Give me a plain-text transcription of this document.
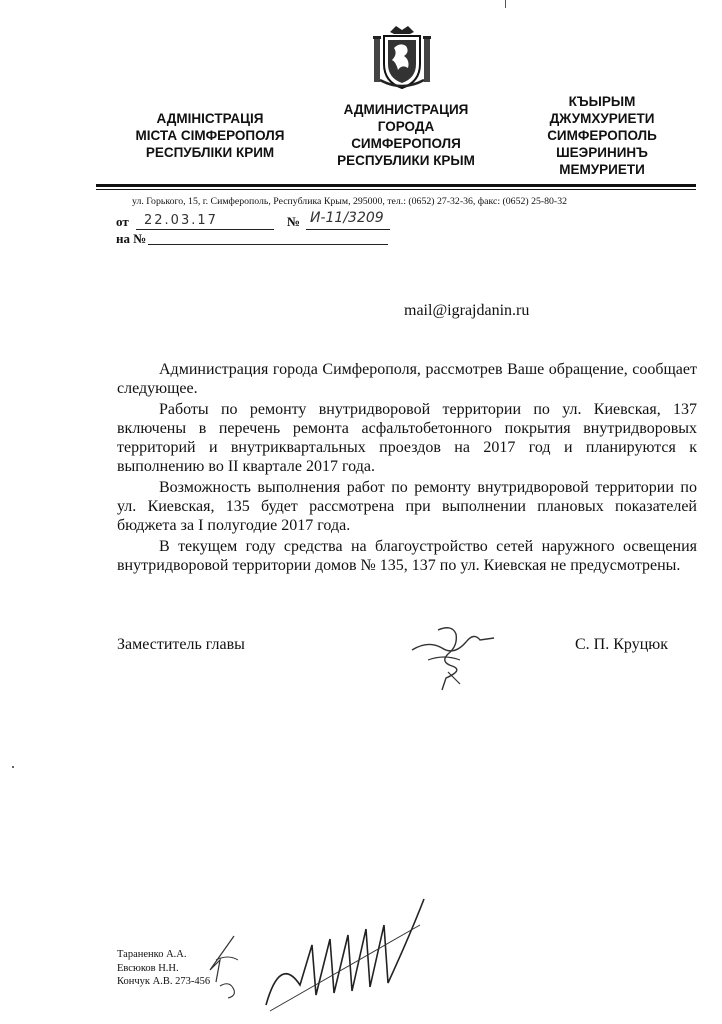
АДМІНІСТРАЦІЯ
МІСТА СІМФЕРОПОЛЯ
РЕСПУБЛІКИ КРИМ
АДМИНИСТРАЦИЯ
ГОРОДА
СИМФЕРОПОЛЯ
РЕСПУБЛИКИ КРЫМ
КЪЫРЫМ
ДЖУМХУРИЕТИ
СИМФЕРОПОЛЬ
ШЕЭРИНИНЪ
МЕМУРИЕТИ
ул. Горького, 15, г. Симферополь, Республика Крым, 295000, тел.: (0652) 27-32-36, факс: (0652) 25-80-32
от 22.03.17	№ И-11/3209
на №
mail@igrajdanin.ru

Администрация города Симферополя, рассмотрев Ваше обращение, сообщает следующее.

Работы по ремонту внутридворовой территории по ул. Киевская, 137 включены в перечень ремонта асфальтобетонного покрытия внутридворовых территорий и внутриквартальных проездов на 2017 год и планируются к выполнению во II квартале 2017 года.

Возможность выполнения работ по ремонту внутридворовой территории по ул. Киевская, 135 будет рассмотрена при выполнении плановых показателей бюджета за I полугодие 2017 года.

В текущем году средства на благоустройство сетей наружного освещения внутридворовой территории домов № 135, 137 по ул. Киевская не предусмотрены.

Заместитель главы	С. П. Круцюк
Тараненко А.А.
Евсюков Н.Н.
Кончук А.В. 273-456
